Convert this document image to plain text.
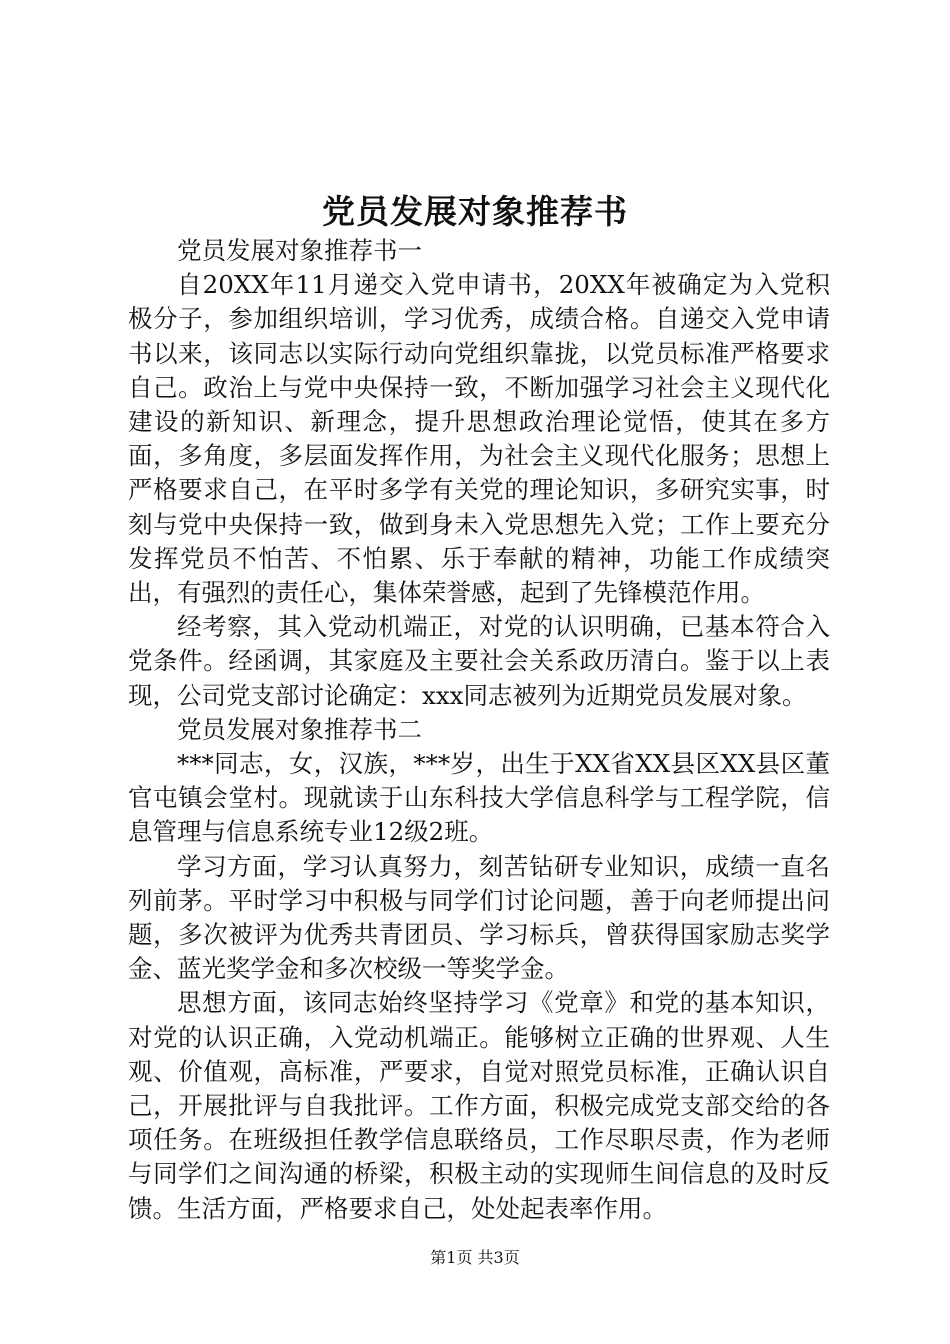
党员发展对象推荐书

党员发展对象推荐书一

自20XX年11月递交入党申请书，20XX年被确定为入党积极分子，参加组织培训，学习优秀，成绩合格。自递交入党申请书以来，该同志以实际行动向党组织靠拢，以党员标准严格要求自己。政治上与党中央保持一致，不断加强学习社会主义现代化建设的新知识、新理念，提升思想政治理论觉悟，使其在多方面，多角度，多层面发挥作用，为社会主义现代化服务；思想上严格要求自己，在平时多学有关党的理论知识，多研究实事，时刻与党中央保持一致，做到身未入党思想先入党；工作上要充分发挥党员不怕苦、不怕累、乐于奉献的精神，功能工作成绩突出，有强烈的责任心，集体荣誉感，起到了先锋模范作用。

经考察，其入党动机端正，对党的认识明确，已基本符合入党条件。经函调，其家庭及主要社会关系政历清白。鉴于以上表现，公司党支部讨论确定：xxx同志被列为近期党员发展对象。

党员发展对象推荐书二

***同志，女，汉族，***岁，出生于XX省XX县区XX县区董官屯镇会堂村。现就读于山东科技大学信息科学与工程学院，信息管理与信息系统专业12级2班。

学习方面，学习认真努力，刻苦钻研专业知识，成绩一直名列前茅。平时学习中积极与同学们讨论问题，善于向老师提出问题，多次被评为优秀共青团员、学习标兵，曾获得国家励志奖学金、蓝光奖学金和多次校级一等奖学金。

思想方面，该同志始终坚持学习《党章》和党的基本知识，对党的认识正确，入党动机端正。能够树立正确的世界观、人生观、价值观，高标准，严要求，自觉对照党员标准，正确认识自己，开展批评与自我批评。工作方面，积极完成党支部交给的各项任务。在班级担任教学信息联络员，工作尽职尽责，作为老师与同学们之间沟通的桥梁，积极主动的实现师生间信息的及时反馈。生活方面，严格要求自己，处处起表率作用。

第1页 共3页
